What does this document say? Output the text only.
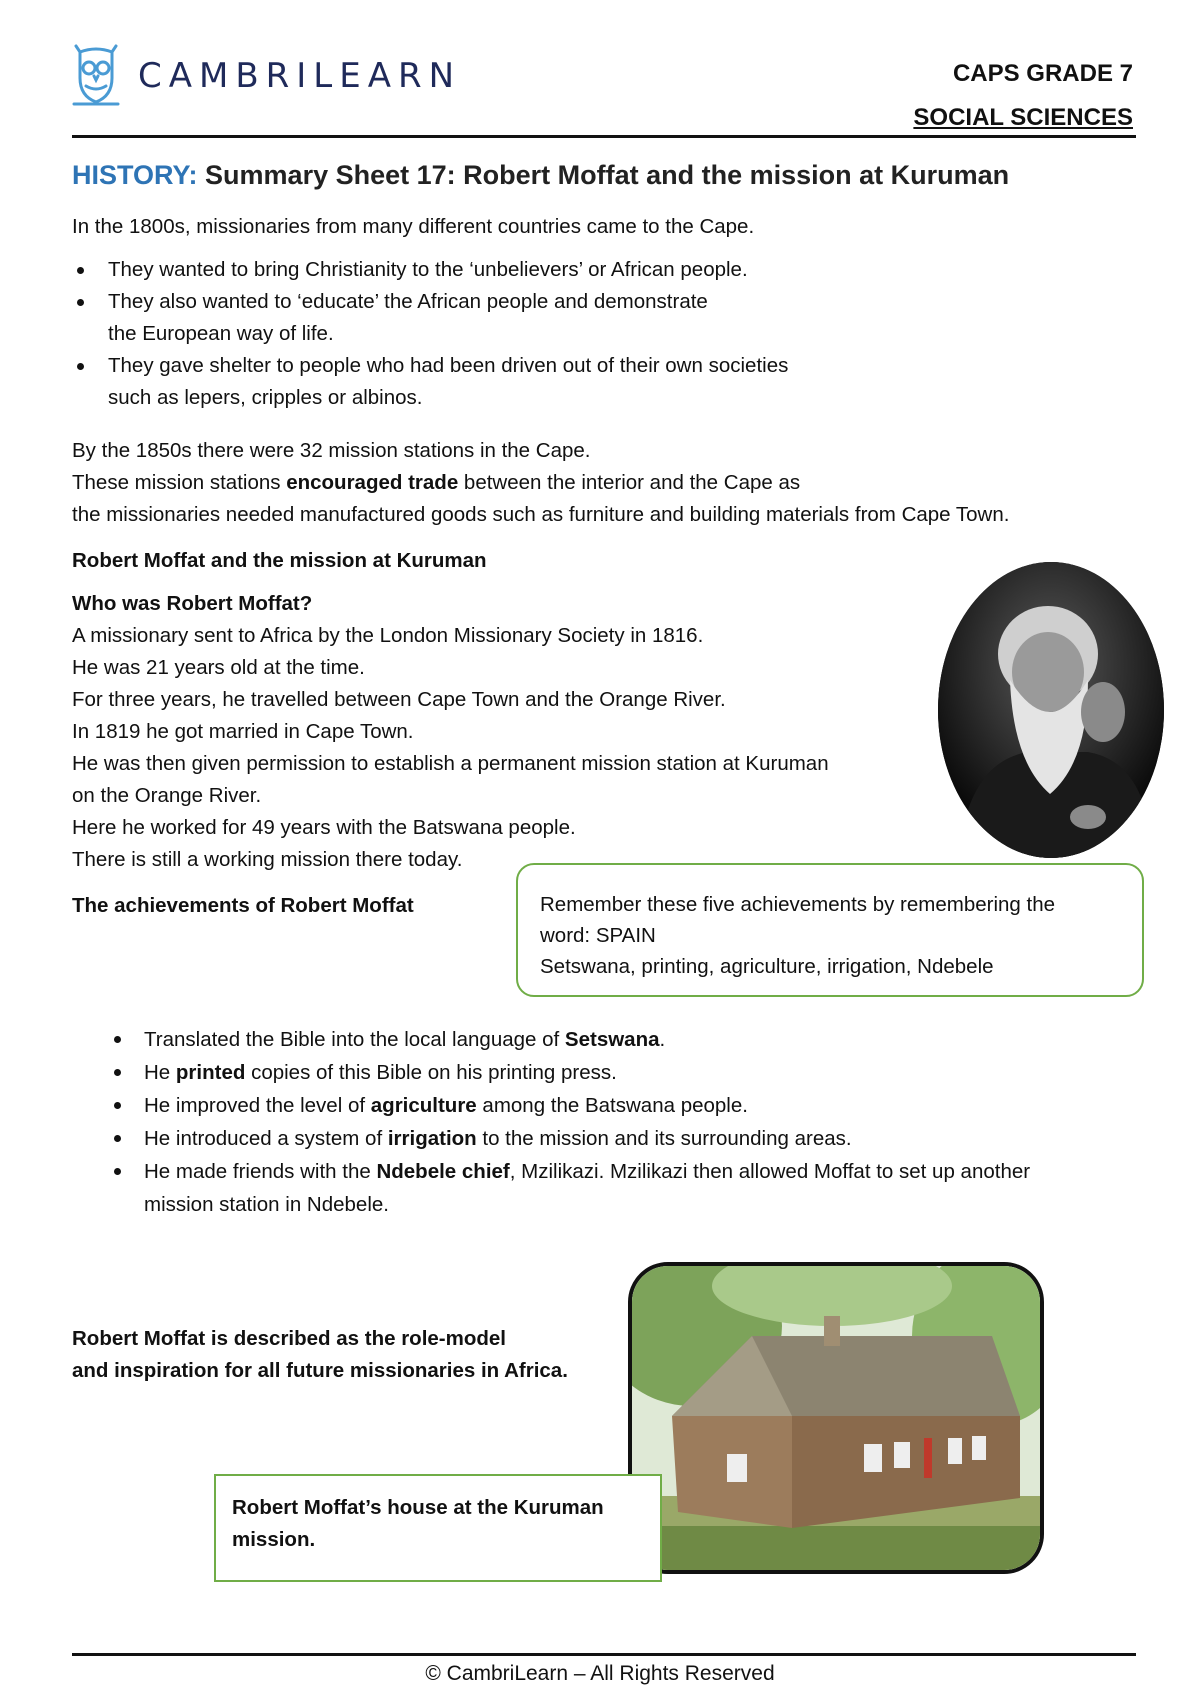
CAMBRILEARN	CAPS GRADE 7
SOCIAL SCIENCES
HISTORY: Summary Sheet 17: Robert Moffat and the mission at Kuruman
In the 1800s, missionaries from many different countries came to the Cape.
They wanted to bring Christianity to the ‘unbelievers’ or African people.
They also wanted to ‘educate’ the African people and demonstrate
the European way of life.
They gave shelter to people who had been driven out of their own societies
such as lepers, cripples or albinos.
By the 1850s there were 32 mission stations in the Cape.
These mission stations encouraged trade between the interior and the Cape as
the missionaries needed manufactured goods such as furniture and building materials from Cape Town.
Robert Moffat and the mission at Kuruman
Who was Robert Moffat?
A missionary sent to Africa by the London Missionary Society in 1816.
He was 21 years old at the time.
For three years, he travelled between Cape Town and the Orange River.
In 1819 he got married in Cape Town.
He was then given permission to establish a permanent mission station at Kuruman
on the Orange River.
Here he worked for 49 years with the Batswana people.
There is still a working mission there today.
The achievements of Robert Moffat	Remember these five achievements by remembering the
word: SPAIN
Setswana, printing, agriculture, irrigation, Ndebele
Translated the Bible into the local language of Setswana.
He printed copies of this Bible on his printing press.
He improved the level of agriculture among the Batswana people.
He introduced a system of irrigation to the mission and its surrounding areas.
He made friends with the Ndebele chief, Mzilikazi. Mzilikazi then allowed Moffat to set up another
mission station in Ndebele.
Robert Moffat is described as the role-model
and inspiration for all future missionaries in Africa.
Robert Moffat’s house at the Kuruman
mission.
© CambriLearn – All Rights Reserved
